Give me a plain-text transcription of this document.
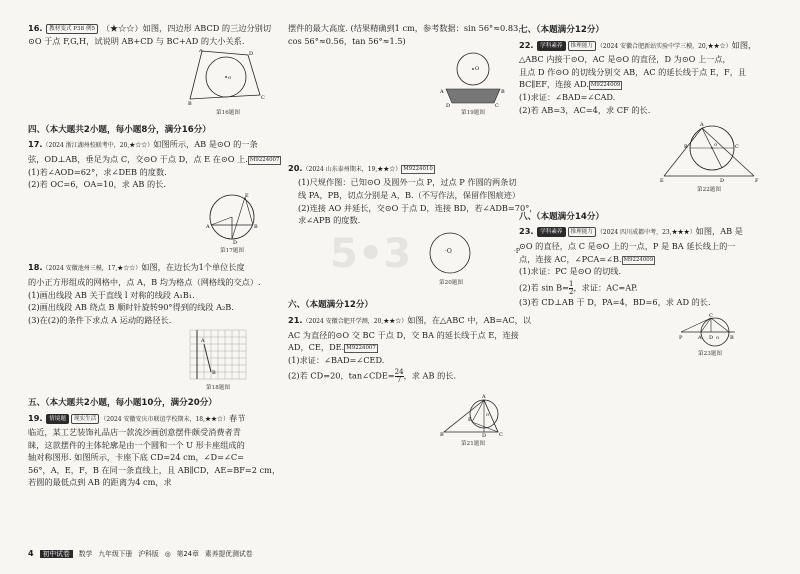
5•3

16. 教材变式 P38 例5 （★☆☆）如图，四边形 ABCD 的三边分别切

⊙O 于点 F,G,H，试说明 AB+CD 与 BC+AD 的大小关系.

A	D
C
B
O
第16题图
四、（本大题共2小题，每小题8分，满分16分）

17.（2024 浙江湖州校联考中，20,★☆☆）如图所示，AB 是⊙O 的一条

弦，OD⊥AB，垂足为点 C，交⊙O 于点 D，点 E 在⊙O 上. M9224007

(1)若∠AOD=62°，求∠DEB 的度数.

(2)若 OC=6，OA=10，求 AB 的长.

E
A	B
D
第17题图

18.（2024 安徽池州三模，17,★☆☆）如图，在边长为1个单位长度

的小正方形组成的网格中，点 A，B 均为格点（网格线的交点）.

(1)画出线段 AB 关于直线 l 对称的线段 A₁B₁.

(2)画出线段 AB 绕点 B 顺时针旋转90°得到的线段 A₂B.

(3)在(2)的条件下求点 A 运动的路径长.

A
B
第18题图
五、（本大题共2小题，每小题10分，满分20分）

19. 情境题 现实生活 （2024 安徽安庆市联谊学校期末，18,★★☆）春节

临近，某工艺装饰礼品店一款流沙画创意摆件颇受消费者青

睐，这款摆件的主体轮廓是由一个圆和一个 U 形卡座组成的

轴对称图形. 如图所示，卡座下底 CD=24 cm，∠D=∠C=

56°，A，E，F，B 在同一条直线上，且 AB∥CD，AE=BF=2 cm，

若圆的最低点到 AB 的距离为4 cm，求

摆件的最大高度. (结果精确到1 cm，参考数据：sin 56°≈0.83，

cos 56°≈0.56，tan 56°≈1.5)

O
A	B
D	C
第19题图

20.（2024 山东泰州期末，19,★★☆） M9224010

(1)尺规作图：已知⊙O 及圆外一点 P，过点 P 作圆的两条切

线 PA，PB，切点分别是 A，B.（不写作法，保留作图痕迹）

(2)连接 AO 并延长，交⊙O 于点 D，连接 BD，若∠ADB=70°，

求∠APB 的度数.

·O	·P
第20题图
六、（本题满分12分）

21.（2024 安徽合肥开学测，20,★★☆）如图，在△ABC 中，AB=AC，以

AC 为直径的⊙O 交 BC 于点 D，交 BA 的延长线于点 E，连接

AD，CE，DE. M9224007

(1)求证：∠BAD=∠CED.

(2)若 CD=20，tan∠CDE= $\frac{24}{7}$ ，求 AB 的长.

A
B	C
D
E
O
第21题图
七、（本题满分12分）

22. 学科素养 推理能力 （2024 安徽合肥新站实验中学三模，20,★★☆）如图，

△ABC 内接于⊙O，AC 是⊙O 的直径，D 为⊙O 上一点，

且点 D 作⊙O 的切线分别交 AB，AC 的延长线于点 E，F，且

BC∥EF，连接 AD. M9224009

(1)求证：∠BAD=∠CAD.

(2)若 AB=3，AC=4，求 CF 的长.

A
B	C
D
E	F
O
第22题图
八、（本题满分14分）

23. 学科素养 推理能力 （2024 四川成都中考，23,★★★）如图，AB 是

⊙O 的直径，点 C 是⊙O 上的一点，P 是 BA 延长线上的一

点，连接 AC，∠PCA=∠B. M9224009

(1)求证：PC 是⊙O 的切线.

(2)若 $\sin B= \frac{1}{2}$ ，求证：AC=AP.

(3)若 CD⊥AB 于 D，PA=4，BD=6，求 AD 的长.

C
P	A D O B
第23题图
4 初中试卷 数学 九年级下册 沪科版 ◎ 第24章 素养提优测试卷
